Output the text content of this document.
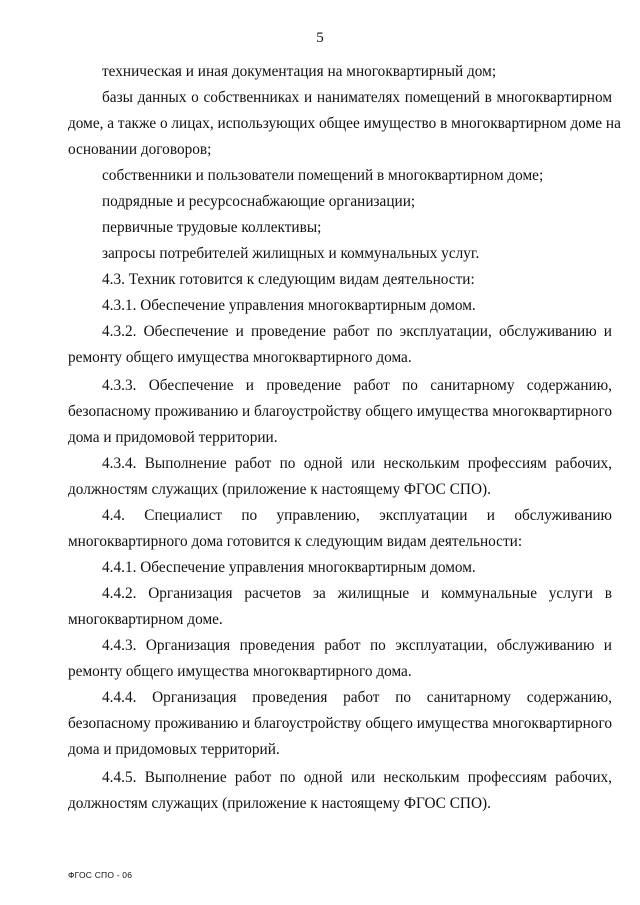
5
техническая и иная документация на многоквартирный дом;
базы данных о собственниках и нанимателях помещений в многоквартирном
доме, а также о лицах, использующих общее имущество в многоквартирном доме на
основании договоров;
собственники и пользователи помещений в многоквартирном доме;
подрядные и ресурсоснабжающие организации;
первичные трудовые коллективы;
запросы потребителей жилищных и коммунальных услуг.
4.3. Техник готовится к следующим видам деятельности:
4.3.1. Обеспечение управления многоквартирным домом.
4.3.2. Обеспечение и проведение работ по эксплуатации, обслуживанию и
ремонту общего имущества многоквартирного дома.
4.3.3. Обеспечение и проведение работ по санитарному содержанию,
безопасному проживанию и благоустройству общего имущества многоквартирного
дома и придомовой территории.
4.3.4. Выполнение работ по одной или нескольким профессиям рабочих,
должностям служащих (приложение к настоящему ФГОС СПО).
4.4. Специалист по управлению, эксплуатации и обслуживанию
многоквартирного дома готовится к следующим видам деятельности:
4.4.1. Обеспечение управления многоквартирным домом.
4.4.2. Организация расчетов за жилищные и коммунальные услуги в
многоквартирном доме.
4.4.3. Организация проведения работ по эксплуатации, обслуживанию и
ремонту общего имущества многоквартирного дома.
4.4.4. Организация проведения работ по санитарному содержанию,
безопасному проживанию и благоустройству общего имущества многоквартирного
дома и придомовых территорий.
4.4.5. Выполнение работ по одной или нескольким профессиям рабочих,
должностям служащих (приложение к настоящему ФГОС СПО).
ФГОС СПО - 06
